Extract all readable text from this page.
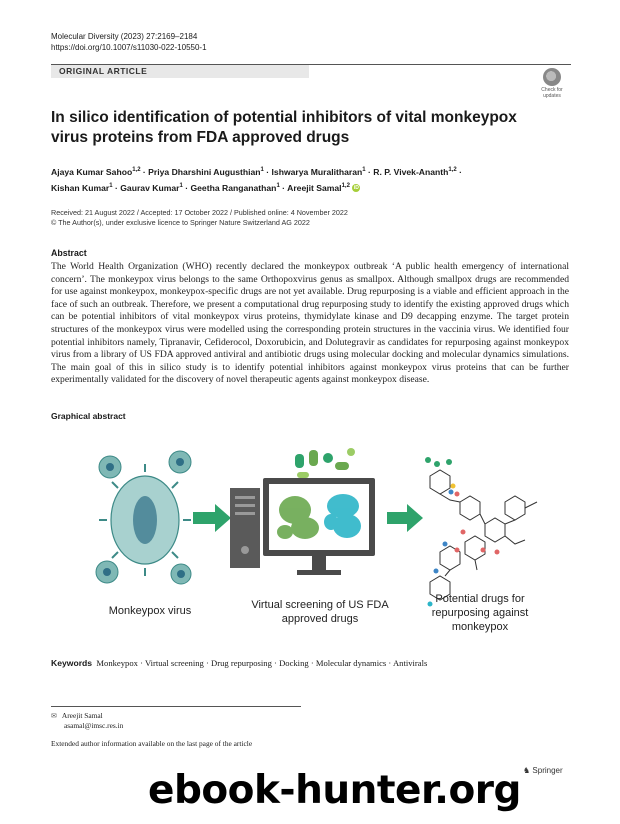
Molecular Diversity (2023) 27:2169–2184
https://doi.org/10.1007/s11030-022-10550-1
ORIGINAL ARTICLE
Check for updates
In silico identification of potential inhibitors of vital monkeypox virus proteins from FDA approved drugs
Ajaya Kumar Sahoo$^{1,2}$ · Priya Dharshini Augusthian$^1$ · Ishwarya Muralitharan$^1$ · R. P. Vivek-Ananth$^{1,2}$ ·
Kishan Kumar$^1$ · Gaurav Kumar$^1$ · Geetha Ranganathan$^1$ · Areejit Samal$^{1,2}$ iD
Received: 21 August 2022 / Accepted: 17 October 2022 / Published online: 4 November 2022
© The Author(s), under exclusive licence to Springer Nature Switzerland AG 2022
Abstract
The World Health Organization (WHO) recently declared the monkeypox outbreak ‘A public health emergency of international concern’. The monkeypox virus belongs to the same Orthopoxvirus genus as smallpox. Although smallpox drugs are recommended for use against monkeypox, monkeypox-specific drugs are not yet available. Drug repurposing is a viable and efficient approach in the face of such an outbreak. Therefore, we present a computational drug repurposing study to identify the existing approved drugs which can be potential inhibitors of vital monkeypox virus proteins, thymidylate kinase and D9 decapping enzyme. The target protein structures of the monkeypox virus were modelled using the corresponding protein structures in the vaccinia virus. We identified four potential inhibitors namely, Tipranavir, Cefiderocol, Doxorubicin, and Dolutegravir as candidates for repurposing against monkeypox virus from a library of US FDA approved antiviral and antibiotic drugs using molecular docking and molecular dynamics simulations. The main goal of this in silico study is to identify potential inhibitors against monkeypox virus proteins that can be further experimentally validated for the discovery of novel therapeutic agents against monkeypox disease.
Graphical abstract
Monkeypox virus	Virtual screening of US FDA approved drugs
Potential drugs for repurposing against monkeypox
Keywords Monkeypox · Virtual screening · Drug repurposing · Docking · Molecular dynamics · Antivirals
✉ Areejit Samal
asamal@imsc.res.in
Extended author information available on the last page of the article
♞ Springer
ebook-hunter.org
